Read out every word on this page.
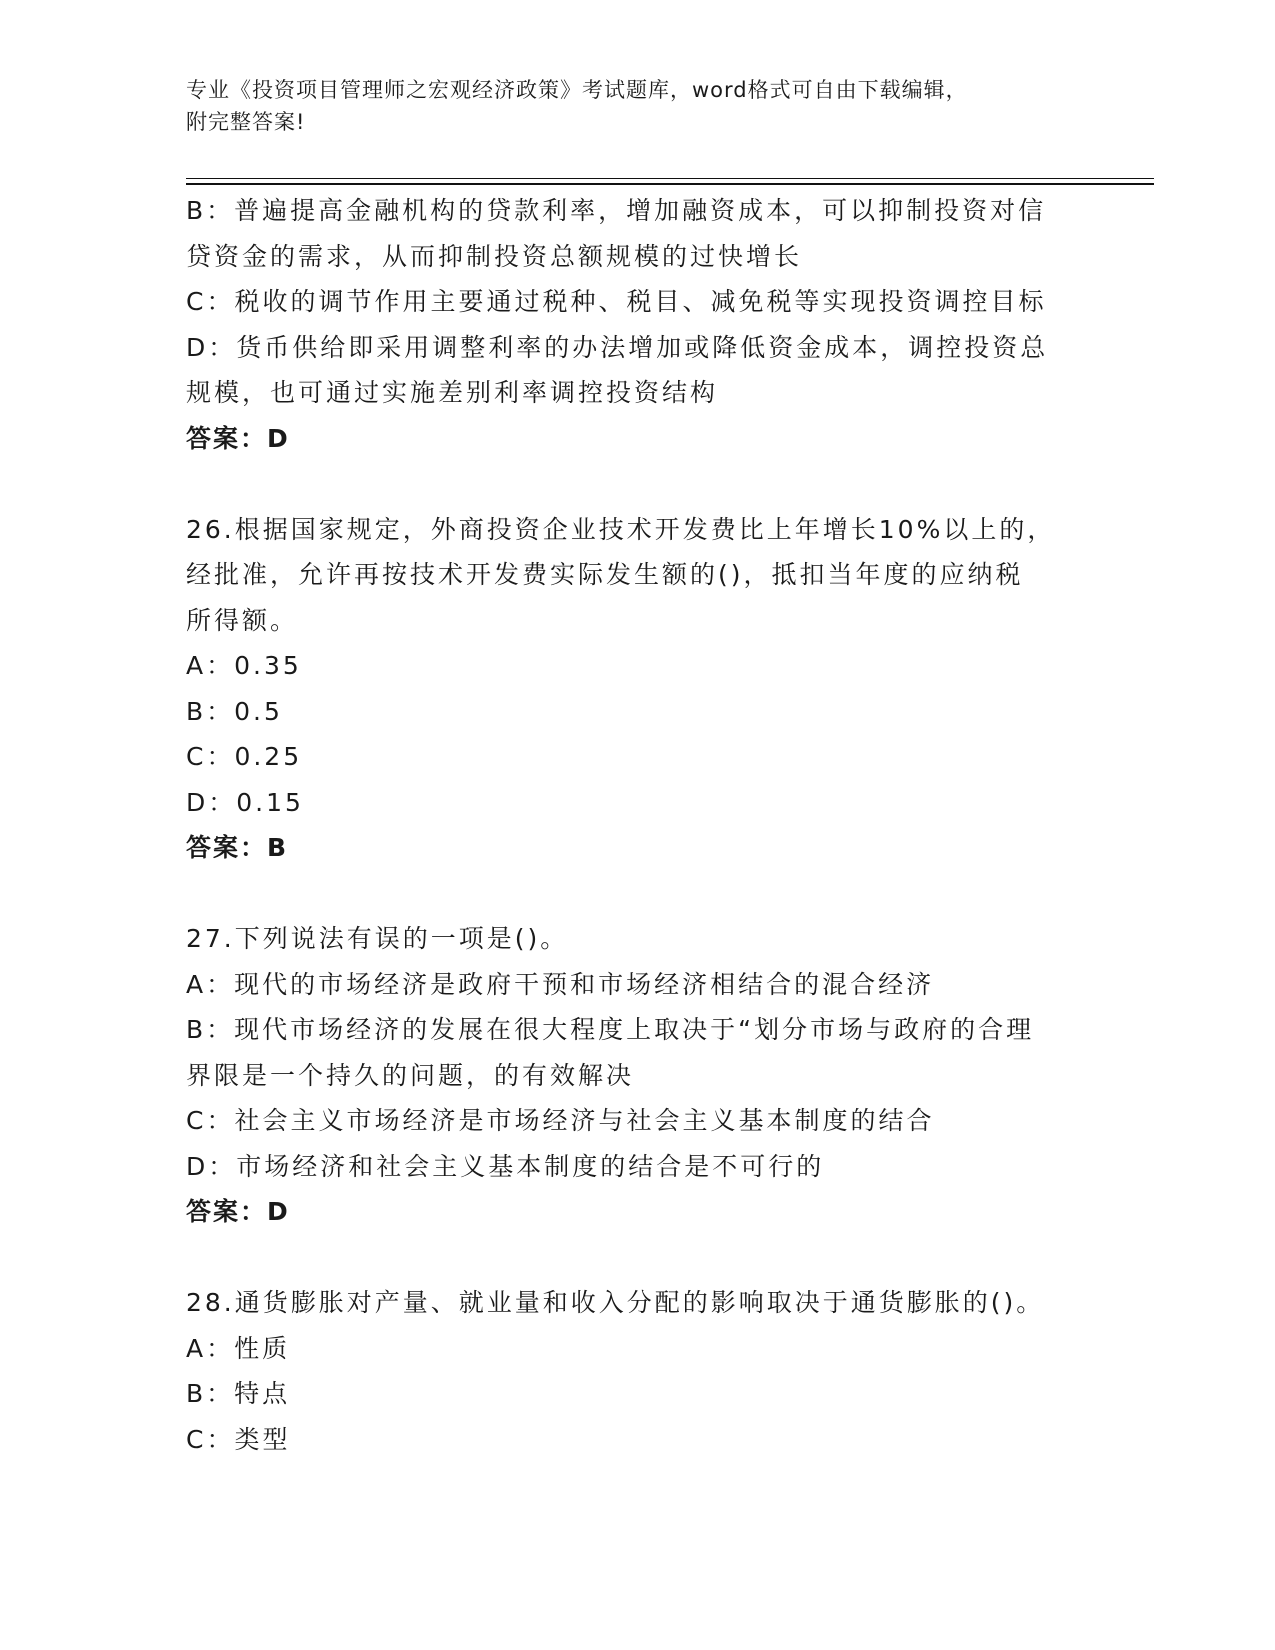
专业《投资项目管理师之宏观经济政策》考试题库，word格式可自由下载编辑，
附完整答案!
B：普遍提高金融机构的贷款利率，增加融资成本，可以抑制投资对信
贷资金的需求，从而抑制投资总额规模的过快增长
C：税收的调节作用主要通过税种、税目、减免税等实现投资调控目标
D：货币供给即采用调整利率的办法增加或降低资金成本，调控投资总
规模，也可通过实施差别利率调控投资结构
答案：D
26.根据国家规定，外商投资企业技术开发费比上年增长10%以上的，
经批准，允许再按技术开发费实际发生额的()，抵扣当年度的应纳税
所得额。
A：0.35
B：0.5
C：0.25
D：0.15
答案：B
27.下列说法有误的一项是()。
A：现代的市场经济是政府干预和市场经济相结合的混合经济
B：现代市场经济的发展在很大程度上取决于“划分市场与政府的合理
界限是一个持久的问题，的有效解决
C：社会主义市场经济是市场经济与社会主义基本制度的结合
D：市场经济和社会主义基本制度的结合是不可行的
答案：D
28.通货膨胀对产量、就业量和收入分配的影响取决于通货膨胀的()。
A：性质
B：特点
C：类型
